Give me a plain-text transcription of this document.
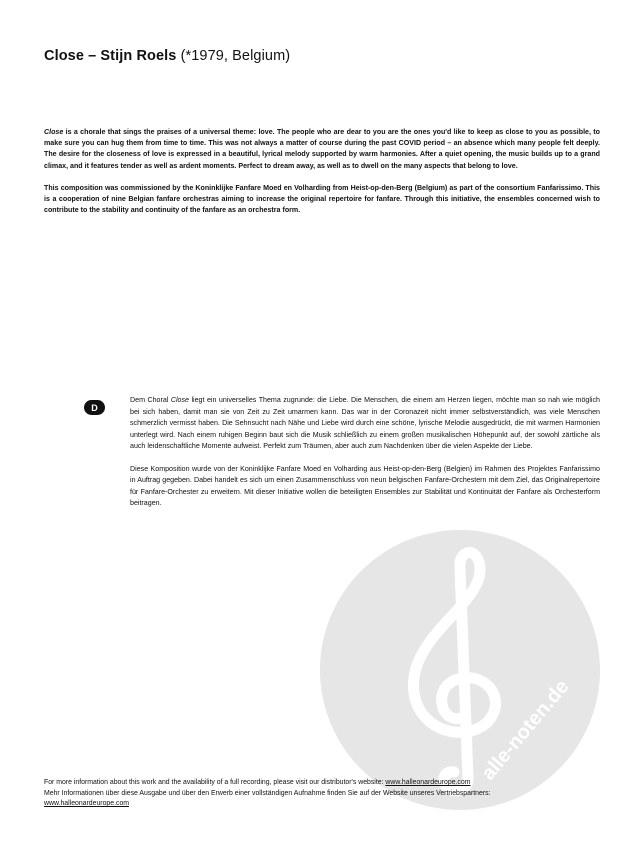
Close – Stijn Roels (*1979, Belgium)

Close is a chorale that sings the praises of a universal theme: love. The people who are dear to you are the ones you'd like to keep as close to you as possible, to make sure you can hug them from time to time. This was not always a matter of course during the past COVID period – an absence which many people felt deeply. The desire for the closeness of love is expressed in a beautiful, lyrical melody supported by warm harmonies. After a quiet opening, the music builds up to a grand climax, and it features tender as well as ardent moments. Perfect to dream away, as well as to dwell on the many aspects that belong to love.

This composition was commissioned by the Koninklijke Fanfare Moed en Volharding from Heist-op-den-Berg (Belgium) as part of the consortium Fanfarissimo. This is a cooperation of nine Belgian fanfare orchestras aiming to increase the original repertoire for fanfare. Through this initiative, the ensembles concerned wish to contribute to the stability and continuity of the fanfare as an orchestra form.

D

Dem Choral Close liegt ein universelles Thema zugrunde: die Liebe. Die Menschen, die einem am Herzen liegen, möchte man so nah wie möglich bei sich haben, damit man sie von Zeit zu Zeit umarmen kann. Das war in der Coronazeit nicht immer selbstverständlich, was viele Menschen schmerzlich vermisst haben. Die Sehnsucht nach Nähe und Liebe wird durch eine schöne, lyrische Melodie ausgedrückt, die mit warmen Harmonien unterlegt wird. Nach einem ruhigen Beginn baut sich die Musik schließlich zu einem großen musikalischen Höhepunkt auf, der sowohl zärtliche als auch leidenschaftliche Momente aufweist. Perfekt zum Träumen, aber auch zum Nachdenken über die vielen Aspekte der Liebe.

Diese Komposition wurde von der Koninklijke Fanfare Moed en Volharding aus Heist-op-den-Berg (Belgien) im Rahmen des Projektes Fanfarissimo in Auftrag gegeben. Dabei handelt es sich um einen Zusammenschluss von neun belgischen Fanfare-Orchestern mit dem Ziel, das Originalrepertoire für Fanfare-Orchester zu erweitern. Mit dieser Initiative wollen die beteiligten Ensembles zur Stabilität und Kontinuität der Fanfare als Orchesterform beitragen.

alle-noten.de
For more information about this work and the availability of a full recording, please visit our distributor's website: www.halleonardeurope.com
Mehr Informationen über diese Ausgabe und über den Erwerb einer vollständigen Aufnahme finden Sie auf der Website unseres Vertriebspartners:
www.halleonardeurope.com
